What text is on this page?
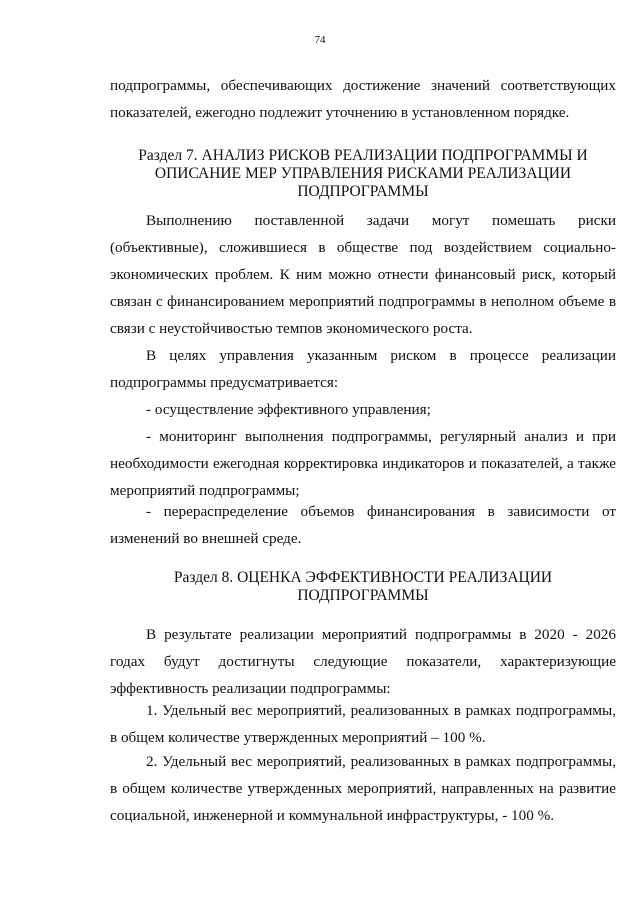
74

подпрограммы, обеспечивающих достижение значений соответствующих показателей, ежегодно подлежит уточнению в установленном порядке.

Раздел 7. АНАЛИЗ РИСКОВ РЕАЛИЗАЦИИ ПОДПРОГРАММЫ И
ОПИСАНИЕ МЕР УПРАВЛЕНИЯ РИСКАМИ РЕАЛИЗАЦИИ
ПОДПРОГРАММЫ

Выполнению поставленной задачи могут помешать риски (объективные), сложившиеся в обществе под воздействием социально-экономических проблем. К ним можно отнести финансовый риск, который связан с финансированием мероприятий подпрограммы в неполном объеме в связи с неустойчивостью темпов экономического роста.

В целях управления указанным риском в процессе реализации подпрограммы предусматривается:

- осуществление эффективного управления;

- мониторинг выполнения подпрограммы, регулярный анализ и при необходимости ежегодная корректировка индикаторов и показателей, а также мероприятий подпрограммы;

- перераспределение объемов финансирования в зависимости от изменений во внешней среде.

Раздел 8. ОЦЕНКА ЭФФЕКТИВНОСТИ РЕАЛИЗАЦИИ
ПОДПРОГРАММЫ

В результате реализации мероприятий подпрограммы в 2020 - 2026 годах будут достигнуты следующие показатели, характеризующие эффективность реализации подпрограммы:

1. Удельный вес мероприятий, реализованных в рамках подпрограммы, в общем количестве утвержденных мероприятий – 100 %.

2. Удельный вес мероприятий, реализованных в рамках подпрограммы, в общем количестве утвержденных мероприятий, направленных на развитие социальной, инженерной и коммунальной инфраструктуры, - 100 %.
